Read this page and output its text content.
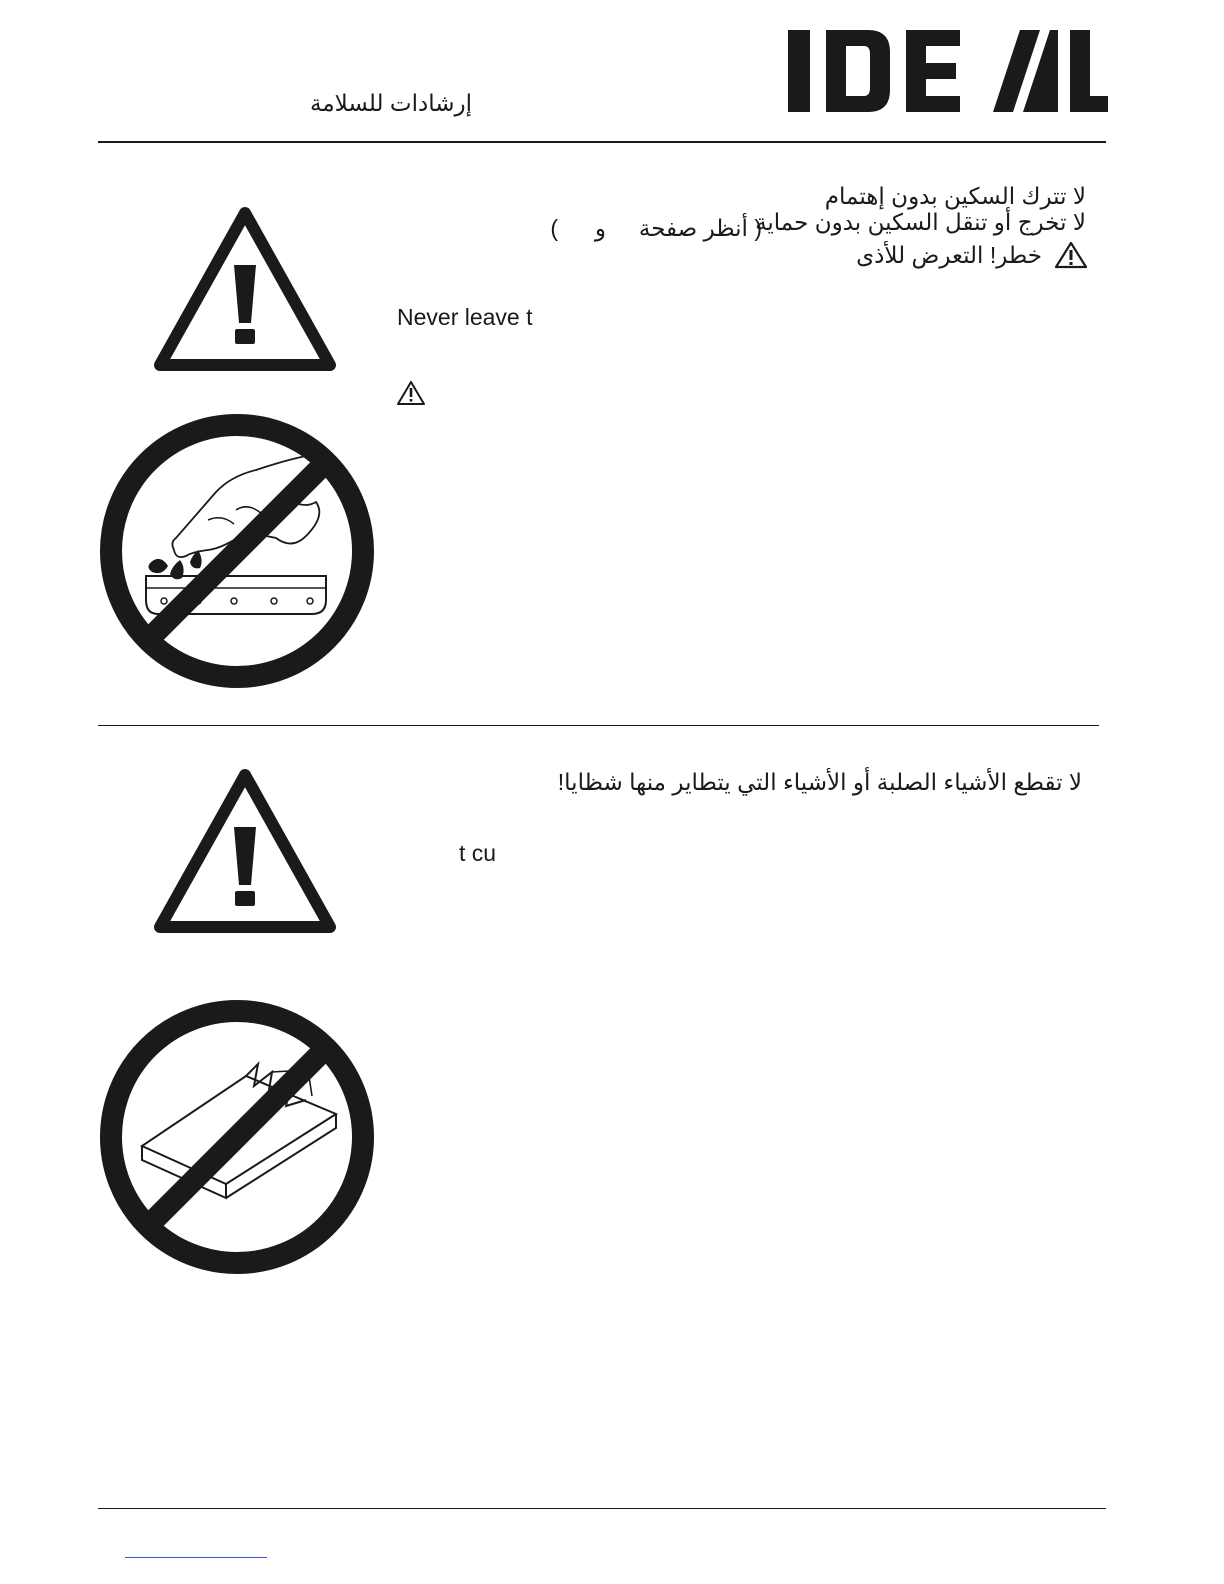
إرشادات للسلامة
لا تترك السكين بدون إهتمام
لا تخرج أو تنقل السكين بدون حماية
( أنظر صفحة
و
)
خطر! التعرض للأذى
Never leave t
لا تقطع الأشياء الصلبة أو الأشياء التي يتطاير منها شظايا!
t cu
